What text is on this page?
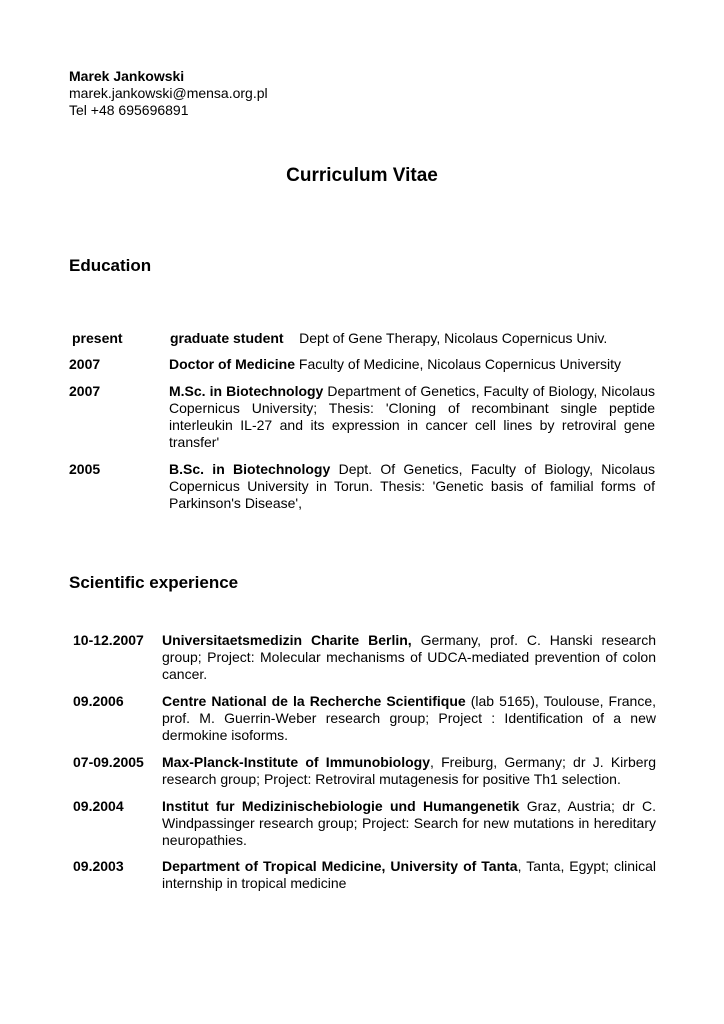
Marek Jankowski
marek.jankowski@mensa.org.pl
Tel +48 695696891
Curriculum Vitae
Education
present	graduate student    Dept of Gene Therapy, Nicolaus Copernicus Univ.
2007	Doctor of Medicine Faculty of Medicine, Nicolaus Copernicus University
2007	M.Sc. in Biotechnology Department of Genetics, Faculty of Biology, Nicolaus Copernicus University; Thesis: 'Cloning of recombinant single peptide interleukin IL-27 and its expression in cancer cell lines by retroviral gene transfer'
2005	B.Sc. in Biotechnology Dept. Of Genetics, Faculty of Biology, Nicolaus Copernicus University in Torun. Thesis: 'Genetic basis of familial forms of Parkinson's Disease',
Scientific experience
10-12.2007 Universitaetsmedizin Charite Berlin, Germany, prof. C. Hanski research group; Project: Molecular mechanisms of UDCA-mediated prevention of colon cancer.
09.2006	Centre National de la Recherche Scientifique (lab 5165), Toulouse, France, prof. M. Guerrin-Weber research group; Project : Identification of a new dermokine isoforms.
07-09.2005 Max-Planck-Institute of Immunobiology, Freiburg, Germany; dr J. Kirberg research group; Project: Retroviral mutagenesis for positive Th1 selection.
09.2004	Institut fur Medizinischebiologie und Humangenetik Graz, Austria; dr C. Windpassinger research group; Project: Search for new mutations in hereditary neuropathies.
09.2003	Department of Tropical Medicine, University of Tanta, Tanta, Egypt; clinical internship in tropical medicine
